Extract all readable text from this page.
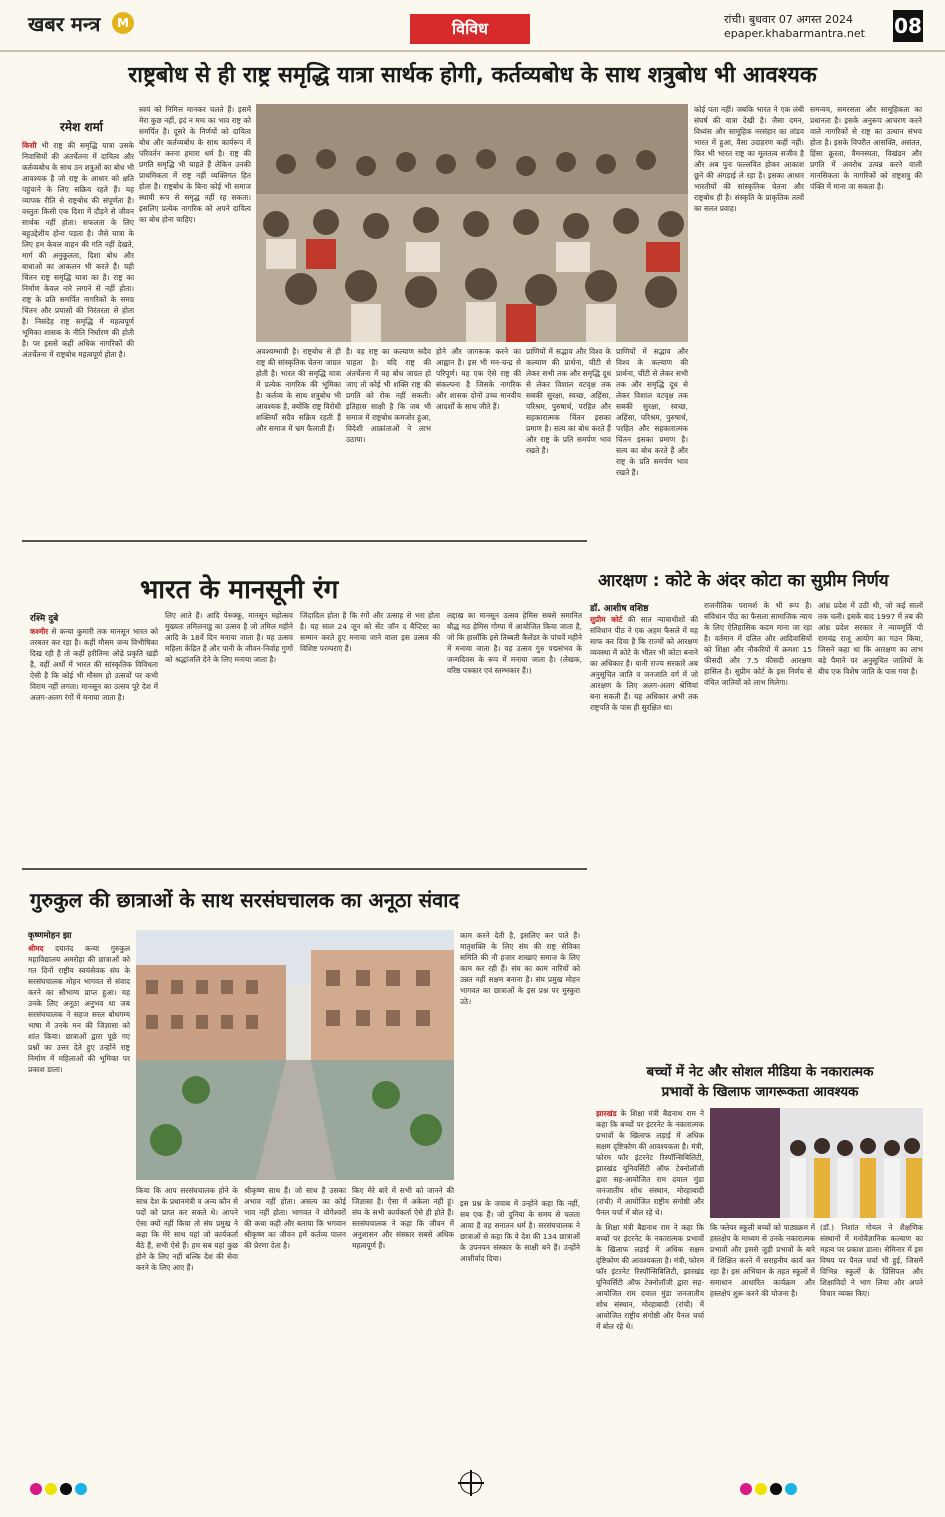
खबर मन्त्र	M	विविध	रांची। बुधवार 07 अगस्त 2024
epaper.khabarmantra.net 08
राष्ट्रबोध से ही राष्ट्र समृद्धि यात्रा सार्थक होगी, कर्तव्यबोध के साथ शत्रुबोध भी आवश्यक
रमेश शर्मा
किसी भी राष्ट्र की समृद्धि यात्रा उसके निवासियों की अंतर्चेतना में दायित्व और कर्तव्यबोध के साथ उन शत्रुओं का बोध भी आवश्यक है जो राष्ट्र के आधार को क्षति पहुंचाने के लिए सक्रिय रहते हैं। यह व्यापक रीति से राष्ट्रबोध की संपूर्णता है। वस्तुतः किसी एक दिशा में दौड़ने से जीवन सार्थक नहीं होता। सफलता के लिए बहुउद्देशीय होना पड़ता है। जैसे यात्रा के लिए हम केवल वाहन की गति नहीं देखते, मार्ग की अनुकूलता, दिशा बोध और बाधाओं का आकलन भी करते हैं। यही चिंतन राष्ट्र समृद्धि यात्रा का है। राष्ट्र का निर्माण केवल नारे लगाने से नहीं होता। राष्ट्र के प्रति समर्पित नागरिकों के समग्र चिंतन और प्रयासों की निरंतरता से होता है। निसंदेह राष्ट्र समृद्धि में महत्वपूर्ण भूमिका शासक के नीति निर्धारण की होती है। पर इससे कहीं अधिक नागरिकों की अंतर्चेतना में राष्ट्रबोध महत्वपूर्ण होता है।
स्वयं को निमित्त मानकर चलते हैं। इसमें मेरा कुछ नहीं, इदं न ममः का भाव राष्ट्र को समर्पित है। दूसरे के निर्णयों को दायित्व बोध और कर्तव्यबोध के साथ कार्यरूप में परिवर्तन करना हमारा धर्म है। राष्ट्र की प्रगति समृद्धि भी चाहते हैं लेकिन उनकी प्राथमिकता में राष्ट्र नहीं व्यक्तिगत हित होता है। राष्ट्रबोध के बिना कोई भी समाज स्थायी रूप से समृद्ध नहीं रह सकता। इसलिए प्रत्येक नागरिक को अपने दायित्व का बोध होना चाहिए।
अवश्यम्भावी है। राष्ट्रबोध से ही राष्ट्र की सांस्कृतिक चेतना जाग्रत होती है। भारत की समृद्धि यात्रा में प्रत्येक नागरिक की भूमिका है। कर्तव्य के साथ शत्रुबोध भी आवश्यक है, क्योंकि राष्ट्र विरोधी शक्तियाँ सदैव सक्रिय रहती हैं और समाज में भ्रम फैलाती हैं।
है। वह राष्ट्र का कल्याण सदैव चाहता है। यदि राष्ट्र की अंतर्चेतना में यह बोध जाग्रत हो जाए तो कोई भी शक्ति राष्ट्र की प्रगति को रोक नहीं सकती। इतिहास साक्षी है कि जब भी समाज में राष्ट्रबोध कमजोर हुआ, विदेशी आक्रांताओं ने लाभ उठाया।
होने और जागरूक करने का आह्वान है। इस भी मन-चन्द्र से परिपूर्ण। यह एक ऐसे राष्ट्र की संकल्पना है जिसके नागरिक और शासक दोनों उच्च मानवीय आदर्शों के साथ जीते हैं।
प्राणियों में सद्भाव और विश्व के कल्याण की प्रार्थना, चींटी से लेकर सभी तक और समृद्धि दूध से लेकर विशाल वटवृक्ष तक सबकी सुरक्षा, स्वच्छ, अहिंसा, परिश्रम, पुरुषार्थ, परहित और सहकारात्मक चिंतन इसका प्रमाण है। सत्य का बोध करते हैं और राष्ट्र के प्रति समर्पण भाव रखते हैं।
प्राणियों में सद्भाव और विश्व के कल्याण की प्रार्थना, चींटी से लेकर सभी तक और समृद्धि दूध से लेकर विशाल वटवृक्ष तक सबकी सुरक्षा, स्वच्छ, अहिंसा, परिश्रम, पुरुषार्थ, परहित और सहकारात्मक चिंतन इसका प्रमाण है। सत्य का बोध करते हैं और राष्ट्र के प्रति समर्पण भाव रखते हैं।
कोई पता नहीं। जबकि भारत ने एक लंबी संघर्ष की यात्रा देखी है। जैसा दमन, विध्वंस और सामूहिक नरसंहार का तांडव भारत में हुआ, वैसा उदाहरण कहीं नहीं। फिर भी भारत राष्ट्र का मूलतत्व सजीव है और अब पुनः फल्लवित होकर आकाश छूने की अंगड़ाई ले रहा है। इसका आधार भारतीयों की सांस्कृतिक चेतना और राष्ट्रबोध ही है। संस्कृति के प्राकृतिक तत्वों का सतत प्रवाह।
समन्वय, समरसता और सामूहिकता का प्रधानता है। इसके अनुरूप आचरण करने वाले नागरिकों से राष्ट्र का उत्थान संभव होता है। इसके विपरीत आसक्ति, असंतत, हिंसा क्रूरता, वैमनस्यता, विखंडन और प्रगति में अवरोध उत्पन्न करने वाली मानसिकता के नागरिकों को राष्ट्रशत्रु की पंक्ति में माना जा सकता है।
भारत के मानसूनी रंग
रश्मि दुबे
कश्मीर से कन्या कुमारी तक मानसून भारत को तरबतर कर रहा है। कहीं मौसम जन्य विभीषिका दिख रही है तो कहीं हरीतिमा ओढ़े प्रकृति खड़ी है, वहीं अर्थों में भारत की सांस्कृतिक विविधता ऐसी है कि कोई भी मौसम हो उत्सवों पर कभी विराम नहीं लगता। मानसून का उत्सव पूरे देश में अलग-अलग रंगों में मनाया जाता है।
लिए आते हैं। आदि पेरुक्कू, मानसून महोत्सव मुख्यतः तमिलनाडु का उत्सव है जो तमिल महीने आदि के 18वें दिन मनाया जाता है। यह उत्सव महिला केंद्रित है और पानी के जीवन-निर्वाह गुणों को श्रद्धांजलि देने के लिए मनाया जाता है।
जिंदादिल होता है कि रंगों और उत्साह से भरा होता है। यह साल 24 जून को सेंट जॉन द बैप्टिस्ट का सम्मान करते हुए मनाया जाने वाला इस उत्सव की विशिष्ट परम्पराएं हैं।
लद्दाख का मानसून उत्सव हेमिस सबसे समानित बौद्ध मठ हेमिस गोम्पा में आयोजित किया जाता है, जो कि हालाँकि इसे तिब्बती कैलेंडर के पांचवें महीने में मनाया जाता है। यह उत्सव गुरु पद्मसंभव के जन्मदिवस के रूप में मनाया जाता है। (लेखक, वरिष्ठ पत्रकार एवं स्तम्भकार हैं।)
आरक्षण : कोटे के अंदर कोटा का सुप्रीम निर्णय
डॉ. आशीष वशिष्ठ
सुप्रीम कोर्ट की सात न्यायाधीशों की संविधान पीठ ने एक अहम फैसले में यह साफ कर दिया है कि राज्यों को आरक्षण व्यवस्था में कोटे के भीतर भी कोटा बनाने का अधिकार है। यानी राज्य सरकारें अब अनुसूचित जाति व जनजाति वर्ग में जो आरक्षण के लिए अलग-अलग श्रेणियां बना सकती हैं। यह अधिकार अभी तक राष्ट्रपति के पास ही सुरक्षित था।
राजनीतिक परामर्श के भी रूप है। संविधान पीठ का फैसला सामाजिक न्याय के लिए ऐतिहासिक कदम माना जा रहा है। वर्तमान में दलित और आदिवासियों को शिक्षा और नौकरियों में क्रमशः 15 फीसदी और 7.5 फीसदी आरक्षण हासिल है। सुप्रीम कोर्ट के इस निर्णय से वंचित जातियों को लाभ मिलेगा।
आंध्र प्रदेश में उठी थी, जो कई सालों तक चली। इसके बाद 1997 में तब की आंध्र प्रदेश सरकार ने न्यायमूर्ति पी रामचंद्र राजू आयोग का गठन किया, जिसने कहा था कि आरक्षण का लाभ बड़े पैमाने पर अनुसूचित जातियों के बीच एक विशेष जाति के पास गया है।
गुरुकुल की छात्राओं के साथ सरसंघचालक का अनूठा संवाद
कृष्णमोहन झा
श्रीमद दयानंद कन्या गुरुकुल महाविद्यालय अमरोहा की छात्राओं को गत दिनों राष्ट्रीय स्वयंसेवक संघ के सरसंघचालक मोहन भागवत से संवाद करने का सौभाग्य प्राप्त हुआ। यह उनके लिए अनूठा अनुभव था जब सरसंघचालक ने सहज सरल बोधगम्य भाषा में उनके मन की जिज्ञासा को शांत किया। छात्राओं द्वारा पूछे गए प्रश्नों का उत्तर देते हुए उन्होंने राष्ट्र निर्माण में महिलाओं की भूमिका पर प्रकाश डाला।
किया कि आप सरसंघचालक होने के साथ देश के प्रधानमंत्री व अन्य कौन से पदों को प्राप्त कर सकते थे। आपने ऐसा क्यों नहीं किया तो संघ प्रमुख ने कहा कि मेरे साथ यहां जो कार्यकर्ता बैठे हैं, सभी ऐसे हैं। हम सब यहां कुछ होने के लिए नहीं बल्कि देश की सेवा करने के लिए आए हैं।
श्रीकृष्ण साथ हैं। जो साथ है उसका अभाव नहीं होता। असत्य का कोई भाव नहीं होता। भागवत ने योगेश्वरों की कथा कही और बताया कि भगवान श्रीकृष्ण का जीवन हमें कर्तव्य पालन की प्रेरणा देता है।
किए मेरे बारे में सभी को जानने की जिज्ञासा है। ऐसा में अकेला नहीं हूं। संघ के सभी कार्यकर्ता ऐसे ही होते हैं। सरसंघचालक ने कहा कि जीवन में अनुशासन और संस्कार सबसे अधिक महत्वपूर्ण हैं।
काम करने देती है, इसलिए कर पाते हैं। मातृशक्ति के लिए संघ की राष्ट्र सेविका समिति की नौ हजार शाखाएं समाज के लिए काम कर रही हैं। संघ का काम नारियों को उन्नत नहीं सक्षम बनाना है। संघ प्रमुख मोहन भागवत का छात्राओं के इस प्रश्न पर मुस्कुरा उठे।
इस प्रश्न के जवाब में उन्होंने कहा कि नहीं, सब एक हैं। जो दुनिया के समय से चलता आया है वह सनातन धर्म है। सरसंघचालक ने छात्राओं से कहा कि वे देश की 134 छात्राओं के उपनयन संस्कार के साक्षी बने हैं। उन्होंने आशीर्वाद दिया।
बच्चों में नेट और सोशल मीडिया के नकारात्मक
प्रभावों के खिलाफ जागरूकता आवश्यक
झारखंड के शिक्षा मंत्री बैद्यनाथ राम ने कहा कि बच्चों पर इंटरनेट के नकारात्मक प्रभावों के खिलाफ लड़ाई में अधिक सक्षम दृष्टिकोण की आवश्यकता है। मंत्री, फोरम फॉर इंटरनेट रिस्पॉन्सिबिलिटी, झारखंड यूनिवर्सिटी ऑफ टेक्नोलॉजी द्वारा सह-आयोजित राम दयाल मुंडा जनजातीय शोध संस्थान, मोरहाबादी (रांची) में आयोजित राष्ट्रीय संगोष्ठी और पैनल चर्चा में बोल रहे थे।
के शिक्षा मंत्री बैद्यनाथ राम ने कहा कि बच्चों पर इंटरनेट के नकारात्मक प्रभावों के खिलाफ लड़ाई में अधिक सक्षम दृष्टिकोण की आवश्यकता है। मंत्री, फोरम फॉर इंटरनेट रिस्पॉन्सिबिलिटी, झारखंड यूनिवर्सिटी ऑफ टेक्नोलॉजी द्वारा सह-आयोजित राम दयाल मुंडा जनजातीय शोध संस्थान, मोरहाबादी (रांची) में आयोजित राष्ट्रीय संगोष्ठी और पैनल चर्चा में बोल रहे थे।
कि फ्लेयर स्कूली बच्चों को पाठ्यक्रम में हस्तक्षेप के माध्यम से उनके नकारात्मक प्रभावों और इससे जुड़ी प्रभावों के बारे में शिक्षित करने में सराहनीय कार्य कर रहा है। इस अभियान के तहत स्कूलों में समाधान आधारित कार्यक्रम और हस्तक्षेप शुरू करने की योजना है।
(डॉ.) निशांत गोयल ने शैक्षणिक संस्थानों में मनोवैज्ञानिक कल्याण का महत्व पर प्रकाश डाला। सेमिनार में इस विषय पर पैनल चर्चा भी हुई, जिसमें विभिन्न स्कूलों के प्रिंसिपल और शिक्षाविदों ने भाग लिया और अपने विचार व्यक्त किए।
